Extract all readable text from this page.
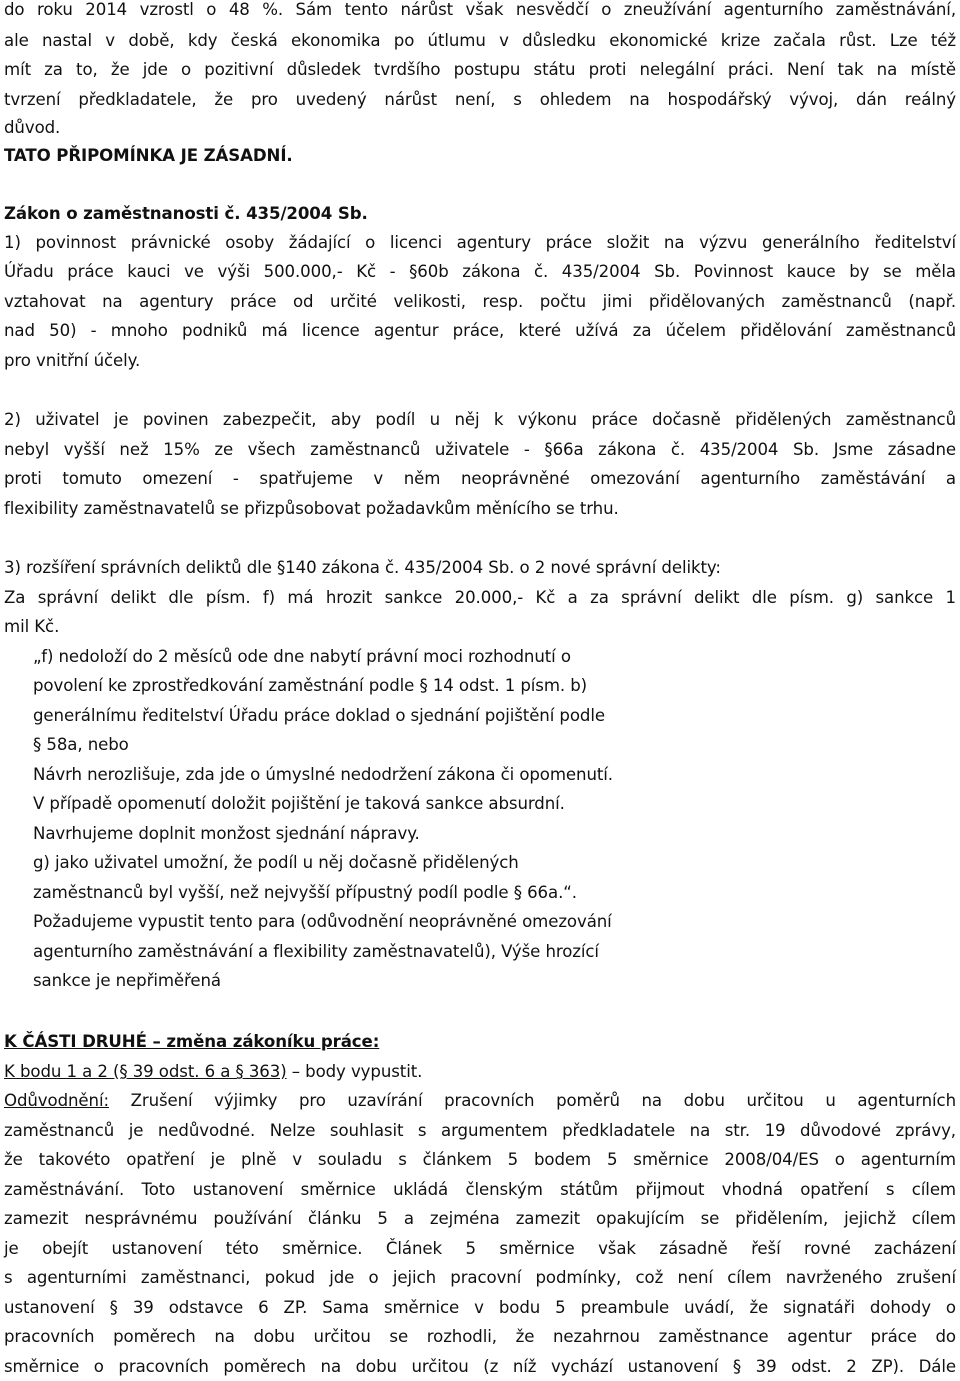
do roku 2014 vzrostl o 48 %. Sám tento nárůst však nesvědčí o zneužívání agenturního zaměstnávání,
ale nastal v době, kdy česká ekonomika po útlumu v důsledku ekonomické krize začala růst. Lze též
mít za to, že jde o pozitivní důsledek tvrdšího postupu státu proti nelegální práci. Není tak na místě
tvrzení předkladatele, že pro uvedený nárůst není, s ohledem na hospodářský vývoj, dán reálný
důvod.
TATO PŘIPOMÍNKA JE ZÁSADNÍ.
Zákon o zaměstnanosti č. 435/2004 Sb.
1) povinnost právnické osoby žádající o licenci agentury práce složit na výzvu generálního ředitelství
Úřadu práce kauci ve výši 500.000,- Kč - §60b zákona č. 435/2004 Sb. Povinnost kauce by se měla
vztahovat na agentury práce od určité velikosti, resp. počtu jimi přidělovaných zaměstnanců (např.
nad 50) - mnoho podniků má licence agentur práce, které užívá za účelem přidělování zaměstnanců
pro vnitřní účely.
2) uživatel je povinen zabezpečit, aby podíl u něj k výkonu práce dočasně přidělených zaměstnanců
nebyl vyšší než 15% ze všech zaměstnanců uživatele - §66a zákona č. 435/2004 Sb. Jsme zásadne
proti tomuto omezení - spatřujeme v něm neoprávněné omezování agenturního zaměstávání a
flexibility zaměstnavatelů se přizpůsobovat požadavkům měnícího se trhu.
3) rozšíření správních deliktů dle §140 zákona č. 435/2004 Sb. o 2 nové správní delikty:
Za správní delikt dle písm. f) má hrozit sankce 20.000,- Kč a za správní delikt dle písm. g) sankce 1
mil Kč.
„f) nedoloží do 2 měsíců ode dne nabytí právní moci rozhodnutí o
povolení ke zprostředkování zaměstnání podle § 14 odst. 1 písm. b)
generálnímu ředitelství Úřadu práce doklad o sjednání pojištění podle
§ 58a, nebo
Návrh nerozlišuje, zda jde o úmyslné nedodržení zákona či opomenutí.
V případě opomenutí doložit pojištění je taková sankce absurdní.
Navrhujeme doplnit monžost sjednání nápravy.
g) jako uživatel umožní, že podíl u něj dočasně přidělených
zaměstnanců byl vyšší, než nejvyšší přípustný podíl podle § 66a.“.
Požadujeme vypustit tento para (odůvodnění neoprávněné omezování
agenturního zaměstnávání a flexibility zaměstnavatelů), Výše hrozící
sankce je nepřiměřená
K ČÁSTI DRUHÉ – změna zákoníku práce:
K bodu 1 a 2 (§ 39 odst. 6 a § 363) – body vypustit.
Odůvodnění: Zrušení výjimky pro uzavírání pracovních poměrů na dobu určitou u agenturních
zaměstnanců je nedůvodné. Nelze souhlasit s argumentem předkladatele na str. 19 důvodové zprávy,
že takovéto opatření je plně v souladu s článkem 5 bodem 5 směrnice 2008/04/ES o agenturním
zaměstnávání. Toto ustanovení směrnice ukládá členským státům přijmout vhodná opatření s cílem
zamezit nesprávnému používání článku 5 a zejména zamezit opakujícím se přidělením, jejichž cílem
je obejít ustanovení této směrnice. Článek 5 směrnice však zásadně řeší rovné zacházení
s agenturními zaměstnanci, pokud jde o jejich pracovní podmínky, což není cílem navrženého zrušení
ustanovení § 39 odstavce 6 ZP. Sama směrnice v bodu 5 preambule uvádí, že signatáři dohody o
pracovních poměrech na dobu určitou se rozhodli, že nezahrnou zaměstnance agentur práce do
směrnice o pracovních poměrech na dobu určitou (z níž vychází ustanovení § 39 odst. 2 ZP). Dále
